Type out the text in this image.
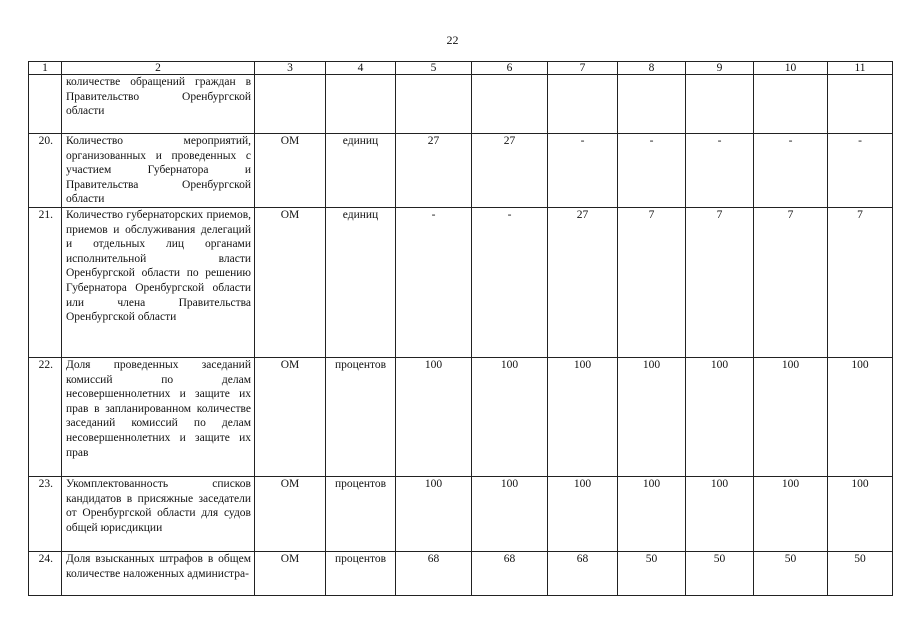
22
1	2	3	4	5	6	7	8	9	10	11
	количестве обращений граждан в Правительство Оренбургской области									
20.	Количество мероприятий, организованных и проведенных с участием Губернатора и Правительства Оренбургской области	ОМ	единиц	27	27	-	-	-	-	-
21.	Количество губернаторских приемов, приемов и обслуживания делегаций и отдельных лиц органами исполнительной власти Оренбургской области по решению Губернатора Оренбургской области или члена Правительства Оренбургской области	ОМ	единиц	-	-	27	7	7	7	7
22.	Доля проведенных заседаний комиссий по делам несовершеннолетних и защите их прав в запланированном количестве заседаний комиссий по делам несовершеннолетних и защите их прав	ОМ	процентов	100	100	100	100	100	100	100
23.	Укомплектованность списков кандидатов в присяжные заседатели от Оренбургской области для судов общей юрисдикции	ОМ	процентов	100	100	100	100	100	100	100
24.	Доля взысканных штрафов в общем количестве наложенных администра-	ОМ	процентов	68	68	68	50	50	50	50
